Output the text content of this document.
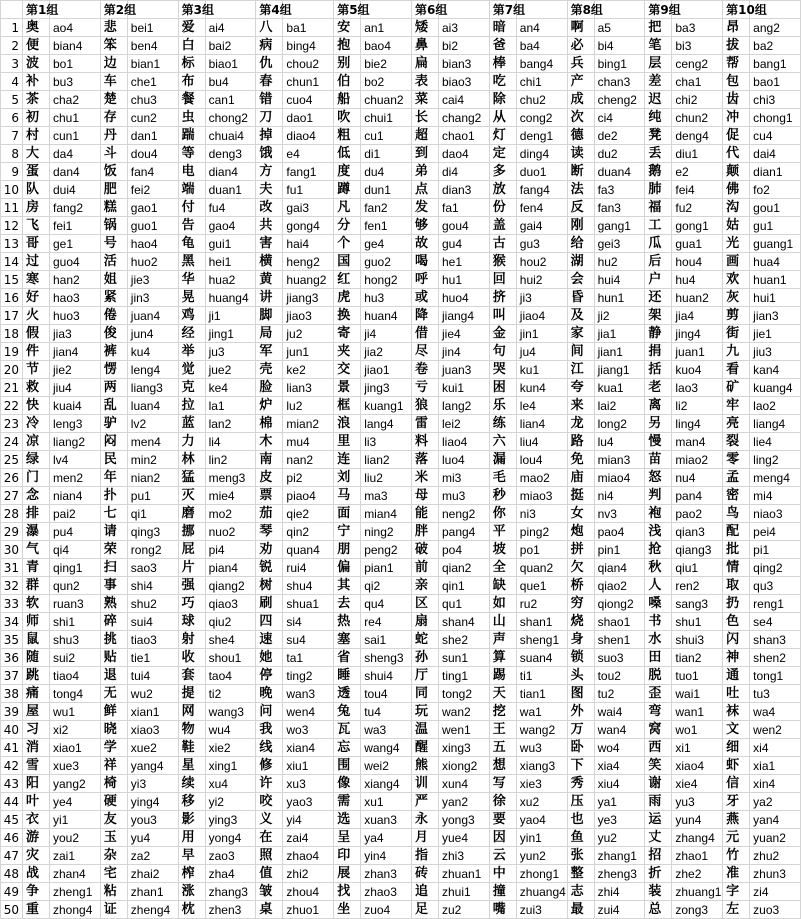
	第1组		第2组		第3组		第4组		第5组		第6组		第7组		第8组		第9组		第10组	
1	奥	ao4	悲	bei1	爱	ai4	八	ba1	安	an1	矮	ai3	暗	an4	啊	a5	把	ba3	昂	ang2
2	便	bian4	笨	ben4	白	bai2	病	bing4	抱	bao4	鼻	bi2	爸	ba4	必	bi4	笔	bi3	拔	ba2
3	波	bo1	边	bian1	标	biao1	仇	chou2	别	bie2	扁	bian3	棒	bang4	兵	bing1	层	ceng2	帮	bang1
4	补	bu3	车	che1	布	bu4	春	chun1	伯	bo2	表	biao3	吃	chi1	产	chan3	差	cha1	包	bao1
5	茶	cha2	楚	chu3	餐	can1	错	cuo4	船	chuan2	菜	cai4	除	chu2	成	cheng2	迟	chi2	齿	chi3
6	初	chu1	存	cun2	虫	chong2	刀	dao1	吹	chui1	长	chang2	从	cong2	次	ci4	纯	chun2	冲	chong1
7	村	cun1	丹	dan1	踹	chuai4	掉	diao4	粗	cu1	超	chao1	灯	deng1	德	de2	凳	deng4	促	cu4
8	大	da4	斗	dou4	等	deng3	饿	e4	低	di1	到	dao4	定	ding4	读	du2	丢	diu1	代	dai4
9	蛋	dan4	饭	fan4	电	dian4	方	fang1	度	du4	弟	di4	多	duo1	断	duan4	鹅	e2	颠	dian1
10	队	dui4	肥	fei2	端	duan1	夫	fu1	蹲	dun1	点	dian3	放	fang4	法	fa3	肺	fei4	佛	fo2
11	房	fang2	糕	gao1	付	fu4	改	gai3	凡	fan2	发	fa1	份	fen4	反	fan3	福	fu2	沟	gou1
12	飞	fei1	锅	guo1	告	gao4	共	gong4	分	fen1	够	gou4	盖	gai4	刚	gang1	工	gong1	姑	gu1
13	哥	ge1	号	hao4	龟	gui1	害	hai4	个	ge4	故	gu4	古	gu3	给	gei3	瓜	gua1	光	guang1
14	过	guo4	活	huo2	黑	hei1	横	heng2	国	guo2	喝	he1	猴	hou2	湖	hu2	后	hou4	画	hua4
15	寒	han2	姐	jie3	华	hua2	黄	huang2	红	hong2	呼	hu1	回	hui2	会	hui4	户	hu4	欢	huan1
16	好	hao3	紧	jin3	晃	huang4	讲	jiang3	虎	hu3	或	huo4	挤	ji3	昏	hun1	还	huan2	灰	hui1
17	火	huo3	倦	juan4	鸡	ji1	脚	jiao3	换	huan4	降	jiang4	叫	jiao4	及	ji2	架	jia4	剪	jian3
18	假	jia3	俊	jun4	经	jing1	局	ju2	寄	ji4	借	jie4	金	jin1	家	jia1	静	jing4	街	jie1
19	件	jian4	裤	ku4	举	ju3	军	jun1	夹	jia2	尽	jin4	句	ju4	间	jian1	捐	juan1	九	jiu3
20	节	jie2	愣	leng4	觉	jue2	壳	ke2	交	jiao1	卷	juan3	哭	ku1	江	jiang1	括	kuo4	看	kan4
21	救	jiu4	两	liang3	克	ke4	脸	lian3	景	jing3	亏	kui1	困	kun4	夸	kua1	老	lao3	矿	kuang4
22	快	kuai4	乱	luan4	拉	la1	炉	lu2	框	kuang1	狼	lang2	乐	le4	来	lai2	离	li2	牢	lao2
23	冷	leng3	驴	lv2	蓝	lan2	棉	mian2	浪	lang4	雷	lei2	练	lian4	龙	long2	另	ling4	亮	liang4
24	凉	liang2	闷	men4	力	li4	木	mu4	里	li3	料	liao4	六	liu4	路	lu4	慢	man4	裂	lie4
25	绿	lv4	民	min2	林	lin2	南	nan2	连	lian2	落	luo4	漏	lou4	免	mian3	苗	miao2	零	ling2
26	门	men2	年	nian2	猛	meng3	皮	pi2	刘	liu2	米	mi3	毛	mao2	庙	miao4	怒	nu4	孟	meng4
27	念	nian4	扑	pu1	灭	mie4	票	piao4	马	ma3	母	mu3	秒	miao3	挺	ni4	判	pan4	密	mi4
28	排	pai2	七	qi1	磨	mo2	茄	qie2	面	mian4	能	neng2	你	ni3	女	nv3	袍	pao2	鸟	niao3
29	瀑	pu4	请	qing3	挪	nuo2	琴	qin2	宁	ning2	胖	pang4	平	ping2	炮	pao4	浅	qian3	配	pei4
30	气	qi4	荣	rong2	屁	pi4	劝	quan4	朋	peng2	破	po4	坡	po1	拼	pin1	抢	qiang3	批	pi1
31	青	qing1	扫	sao3	片	pian4	锐	rui4	偏	pian1	前	qian2	全	quan2	欠	qian4	秋	qiu1	情	qing2
32	群	qun2	事	shi4	强	qiang2	树	shu4	其	qi2	亲	qin1	缺	que1	桥	qiao2	人	ren2	取	qu3
33	软	ruan3	熟	shu2	巧	qiao3	刷	shua1	去	qu4	区	qu1	如	ru2	穷	qiong2	嗓	sang3	扔	reng1
34	师	shi1	碎	sui4	球	qiu2	四	si4	热	re4	扇	shan4	山	shan1	烧	shao1	书	shu1	色	se4
35	鼠	shu3	挑	tiao3	射	she4	速	su4	塞	sai1	蛇	she2	声	sheng1	身	shen1	水	shui3	闪	shan3
36	随	sui2	贴	tie1	收	shou1	她	ta1	省	sheng3	孙	sun1	算	suan4	锁	suo3	田	tian2	神	shen2
37	跳	tiao4	退	tui4	套	tao4	停	ting2	睡	shui4	厅	ting1	踢	ti1	头	tou2	脱	tuo1	通	tong1
38	痛	tong4	无	wu2	提	ti2	晚	wan3	透	tou4	同	tong2	天	tian1	图	tu2	歪	wai1	吐	tu3
39	屋	wu1	鲜	xian1	网	wang3	问	wen4	兔	tu4	玩	wan2	挖	wa1	外	wai4	弯	wan1	袜	wa4
40	习	xi2	晓	xiao3	物	wu4	我	wo3	瓦	wa3	温	wen1	王	wang2	万	wan4	窝	wo1	文	wen2
41	消	xiao1	学	xue2	鞋	xie2	线	xian4	忘	wang4	醒	xing3	五	wu3	卧	wo4	西	xi1	细	xi4
42	雪	xue3	祥	yang4	星	xing1	修	xiu1	围	wei2	熊	xiong2	想	xiang3	下	xia4	笑	xiao4	虾	xia1
43	阳	yang2	椅	yi3	续	xu4	许	xu3	像	xiang4	训	xun4	写	xie3	秀	xiu4	谢	xie4	信	xin4
44	叶	ye4	硬	ying4	移	yi2	咬	yao3	需	xu1	严	yan2	徐	xu2	压	ya1	雨	yu3	牙	ya2
45	衣	yi1	友	you3	影	ying3	义	yi4	选	xuan3	永	yong3	要	yao4	也	ye3	运	yun4	燕	yan4
46	游	you2	玉	yu4	用	yong4	在	zai4	呈	ya4	月	yue4	因	yin1	鱼	yu2	丈	zhang4	元	yuan2
47	灾	zai1	杂	za2	早	zao3	照	zhao4	印	yin4	指	zhi3	云	yun2	张	zhang1	招	zhao1	竹	zhu2
48	战	zhan4	宅	zhai2	榨	zha4	值	zhi2	展	zhan3	砖	zhuan1	中	zhong1	整	zheng3	折	zhe2	准	zhun3
49	争	zheng1	粘	zhan1	涨	zhang3	皱	zhou4	找	zhao3	追	zhui1	撞	zhuang4	志	zhi4	装	zhuang1	字	zi4
50	重	zhong4	证	zheng4	枕	zhen3	桌	zhuo1	坐	zuo4	足	zu2	嘴	zui3	最	zui4	总	zong3	左	zuo3
